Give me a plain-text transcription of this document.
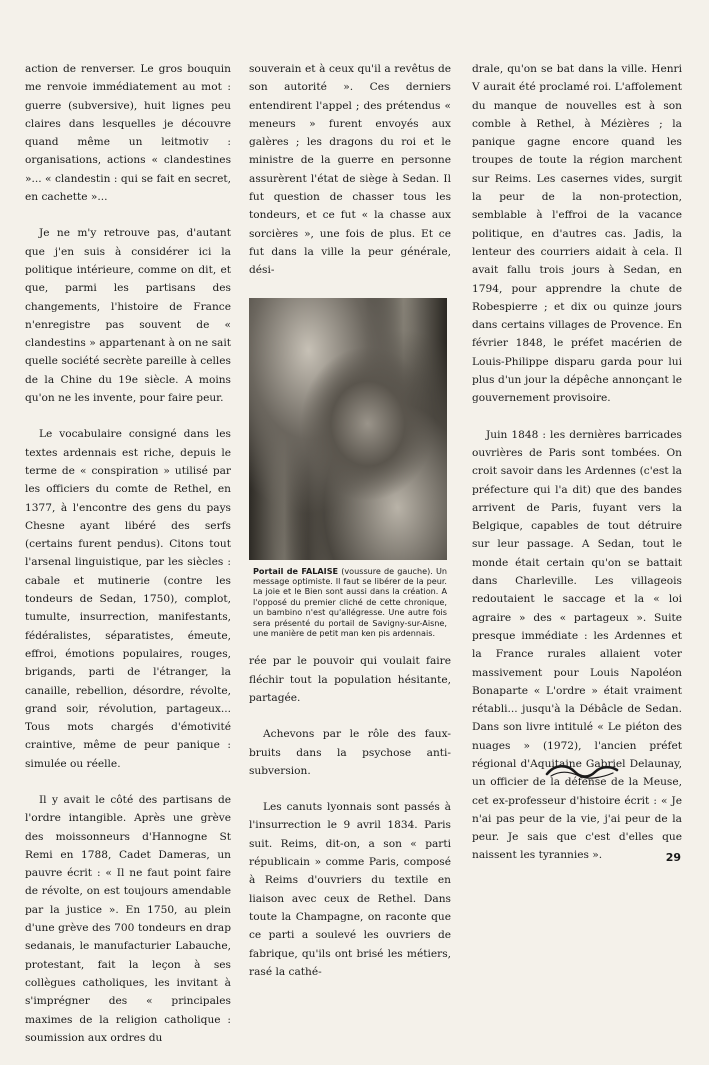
action de renverser. Le gros bouquin me renvoie immédiatement au mot : guerre (subversive), huit lignes peu claires dans lesquelles je découvre quand même un leitmotiv : organisations, actions « clandestines »... « clandestin : qui se fait en secret, en cachette »...

Je ne m'y retrouve pas, d'autant que j'en suis à considérer ici la politique intérieure, comme on dit, et que, parmi les partisans des changements, l'histoire de France n'enregistre pas souvent de « clandestins » appartenant à on ne sait quelle société secrète pareille à celles de la Chine du 19e siècle. A moins qu'on ne les invente, pour faire peur.

Le vocabulaire consigné dans les textes ardennais est riche, depuis le terme de « conspiration » utilisé par les officiers du comte de Rethel, en 1377, à l'encontre des gens du pays Chesne ayant libéré des serfs (certains furent pendus). Citons tout l'arsenal linguistique, par les siècles : cabale et mutinerie (contre les tondeurs de Sedan, 1750), complot, tumulte, insurrection, manifestants, fédéralistes, séparatistes, émeute, effroi, émotions populaires, rouges, brigands, parti de l'étranger, la canaille, rebellion, désordre, révolte, grand soir, révolution, partageux... Tous mots chargés d'émotivité craintive, même de peur panique : simulée ou réelle.

Il y avait le côté des partisans de l'ordre intangible. Après une grève des moissonneurs d'Hannogne St Remi en 1788, Cadet Dameras, un pauvre écrit : « Il ne faut point faire de révolte, on est toujours amendable par la justice ». En 1750, au plein d'une grève des 700 tondeurs en drap sedanais, le manufacturier Labauche, protestant, fait la leçon à ses collègues catholiques, les invitant à s'imprégner des « principales maximes de la religion catholique : soumission aux ordres du

souverain et à ceux qu'il a revêtus de son autorité ». Ces derniers entendirent l'appel ; des prétendus « meneurs » furent envoyés aux galères ; les dragons du roi et le ministre de la guerre en personne assurèrent l'état de siège à Sedan. Il fut question de chasser tous les tondeurs, et ce fut « la chasse aux sorcières », une fois de plus. Et ce fut dans la ville la peur générale, dési-

Portail de FALAISE (voussure de gauche). Un message optimiste. Il faut se libérer de la peur. La joie et le Bien sont aussi dans la création. A l'opposé du premier cliché de cette chronique, un bambino n'est qu'allégresse. Une autre fois sera présenté du portail de Savigny-sur-Aisne, une manière de petit man ken pis ardennais.

rée par le pouvoir qui voulait faire fléchir tout la population hésitante, partagée.

Achevons par le rôle des faux-bruits dans la psychose anti-subversion.

Les canuts lyonnais sont passés à l'insurrection le 9 avril 1834. Paris suit. Reims, dit-on, a son « parti républicain » comme Paris, composé à Reims d'ouvriers du textile en liaison avec ceux de Rethel. Dans toute la Champagne, on raconte que ce parti a soulevé les ouvriers de fabrique, qu'ils ont brisé les métiers, rasé la cathé-

drale, qu'on se bat dans la ville. Henri V aurait été proclamé roi. L'affolement du manque de nouvelles est à son comble à Rethel, à Mézières ; la panique gagne encore quand les troupes de toute la région marchent sur Reims. Les casernes vides, surgit la peur de la non-protection, semblable à l'effroi de la vacance politique, en d'autres cas. Jadis, la lenteur des courriers aidait à cela. Il avait fallu trois jours à Sedan, en 1794, pour apprendre la chute de Robespierre ; et dix ou quinze jours dans certains villages de Provence. En février 1848, le préfet macérien de Louis-Philippe disparu garda pour lui plus d'un jour la dépêche annonçant le gouvernement provisoire.

Juin 1848 : les dernières barricades ouvrières de Paris sont tombées. On croit savoir dans les Ardennes (c'est la préfecture qui l'a dit) que des bandes arrivent de Paris, fuyant vers la Belgique, capables de tout détruire sur leur passage. A Sedan, tout le monde était certain qu'on se battait dans Charleville. Les villageois redoutaient le saccage et la « loi agraire » des « partageux ». Suite presque immédiate : les Ardennes et la France rurales allaient voter massivement pour Louis Napoléon Bonaparte « L'ordre » était vraiment rétabli... jusqu'à la Débâcle de Sedan. Dans son livre intitulé « Le piéton des nuages » (1972), l'ancien préfet régional d'Aquitaine Gabriel Delaunay, un officier de la défense de la Meuse, cet ex-professeur d'histoire écrit : « Je n'ai pas peur de la vie, j'ai peur de la peur. Je sais que c'est d'elles que naissent les tyrannies ».	29
